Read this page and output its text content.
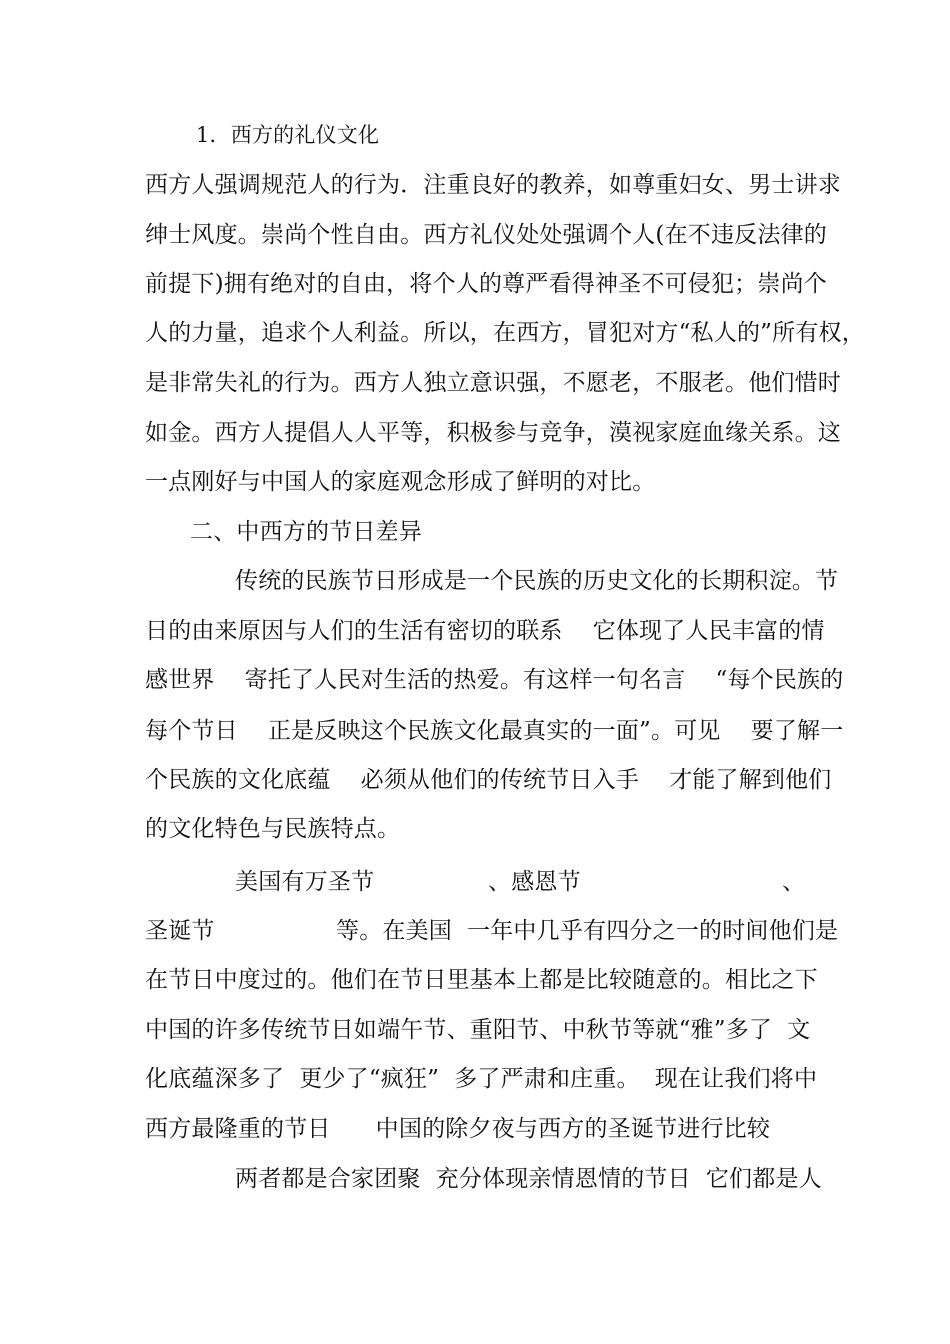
1．西方的礼仪文化
西方人强调规范人的行为．注重良好的教养，如尊重妇女、男士讲求
绅士风度。崇尚个性自由。西方礼仪处处强调个人(在不违反法律的
前提下)拥有绝对的自由，将个人的尊严看得神圣不可侵犯；崇尚个
人的力量，追求个人利益。所以，在西方，冒犯对方“私人的”所有权，
是非常失礼的行为。西方人独立意识强，不愿老，不服老。他们惜时
如金。西方人提倡人人平等，积极参与竞争，漠视家庭血缘关系。这
一点刚好与中国人的家庭观念形成了鲜明的对比。
二、中西方的节日差异
传统的民族节日形成是一个民族的历史文化的长期积淀。节
日的由来原因与人们的生活有密切的联系    它体现了人民丰富的情
感世界    寄托了人民对生活的热爱。有这样一句名言    “每个民族的
每个节日    正是反映这个民族文化最真实的一面”。可见    要了解一
个民族的文化底蕴    必须从他们的传统节日入手    才能了解到他们
的文化特色与民族特点。
美国有万圣节	、感恩节	、
圣诞节	等。在美国  一年中几乎有四分之一的时间他们是
在节日中度过的。他们在节日里基本上都是比较随意的。相比之下
中国的许多传统节日如端午节、重阳节、中秋节等就“雅”多了  文
化底蕴深多了  更少了“疯狂”  多了严肃和庄重。  现在让我们将中
西方最隆重的节日      中国的除夕夜与西方的圣诞节进行比较
两者都是合家团聚  充分体现亲情恩情的节日  它们都是人
